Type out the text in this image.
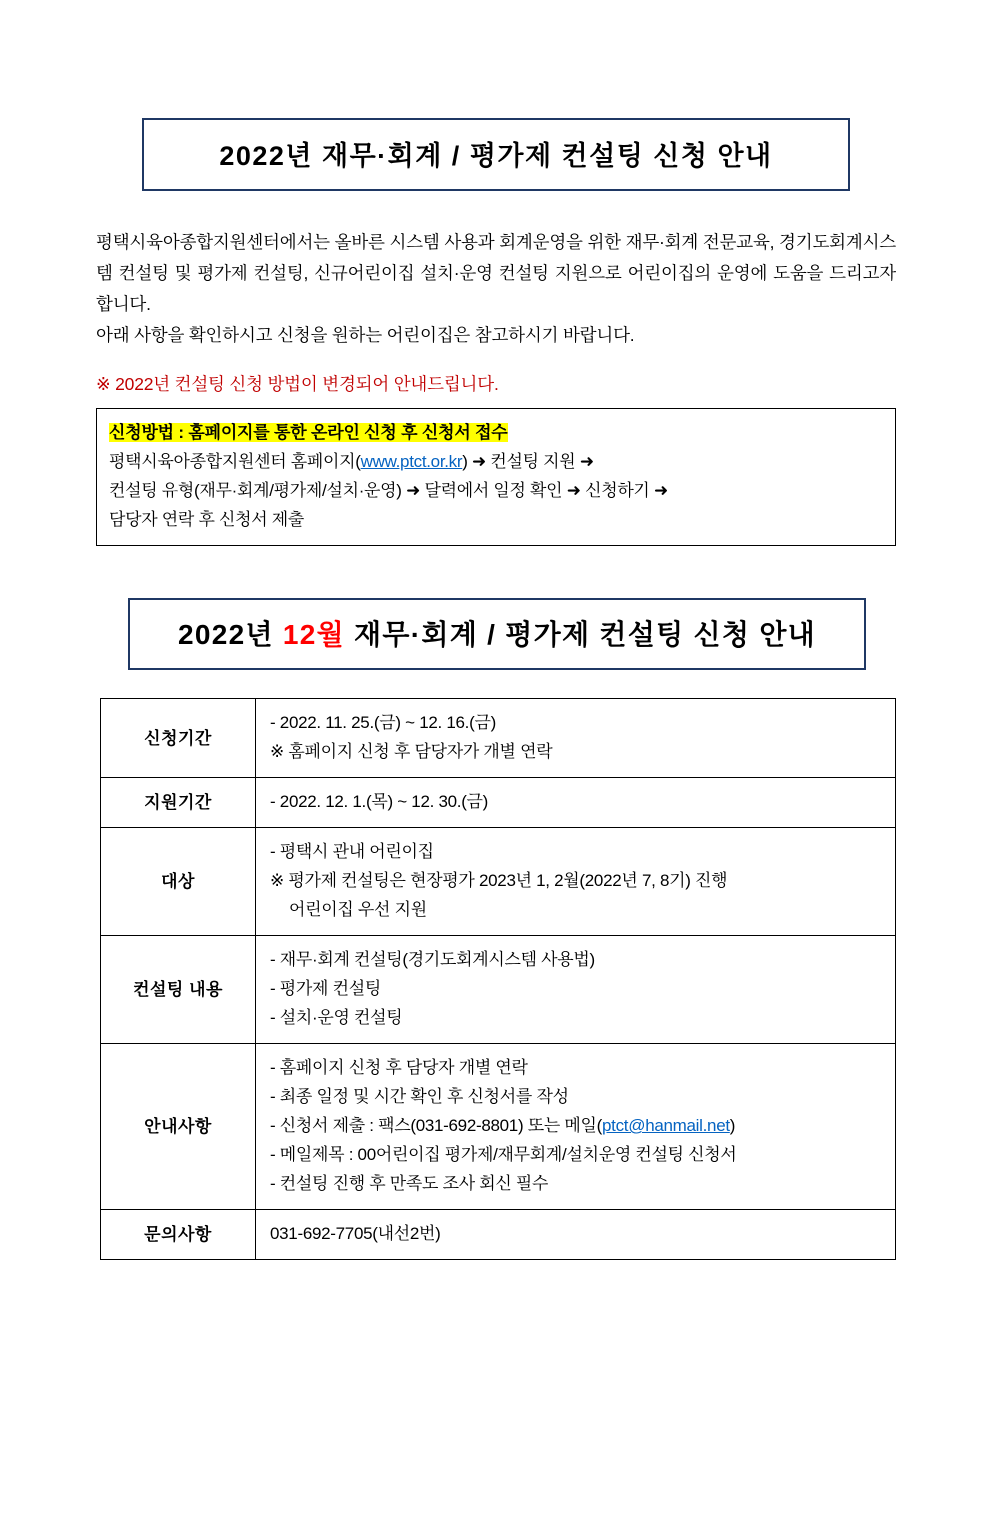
2022년 재무·회계 / 평가제 컨설팅 신청 안내

평택시육아종합지원센터에서는 올바른 시스템 사용과 회계운영을 위한 재무·회계 전문교육, 경기도회계시스템 컨설팅 및 평가제 컨설팅, 신규어린이집 설치·운영 컨설팅 지원으로 어린이집의 운영에 도움을 드리고자 합니다.

아래 사항을 확인하시고 신청을 원하는 어린이집은 참고하시기 바랍니다.

※ 2022년 컨설팅 신청 방법이 변경되어 안내드립니다.
신청방법 : 홈페이지를 통한 온라인 신청 후 신청서 접수
평택시육아종합지원센터 홈페이지(www.ptct.or.kr) ➜ 컨설팅 지원 ➜
컨설팅 유형(재무·회계/평가제/설치·운영) ➜ 달력에서 일정 확인 ➜ 신청하기 ➜
담당자 연락 후 신청서 제출
2022년 12월 재무·회계 / 평가제 컨설팅 신청 안내
신청기간	- 2022. 11. 25.(금) ~ 12. 16.(금)
※ 홈페이지 신청 후 담당자가 개별 연락

지원기간	- 2022. 12. 1.(목) ~ 12. 30.(금)

대상	- 평택시 관내 어린이집
※ 평가제 컨설팅은 현장평가 2023년 1, 2월(2022년 7, 8기) 진행
어린이집 우선 지원

컨설팅 내용	- 재무·회계 컨설팅(경기도회계시스템 사용법)
- 평가제 컨설팅
- 설치·운영 컨설팅

안내사항	- 홈페이지 신청 후 담당자 개별 연락
- 최종 일정 및 시간 확인 후 신청서를 작성
- 신청서 제출 : 팩스(031-692-8801) 또는 메일(ptct@hanmail.net)
- 메일제목 : 00어린이집 평가제/재무회계/설치운영 컨설팅 신청서
- 컨설팅 진행 후 만족도 조사 회신 필수

문의사항	031-692-7705(내선2번)
